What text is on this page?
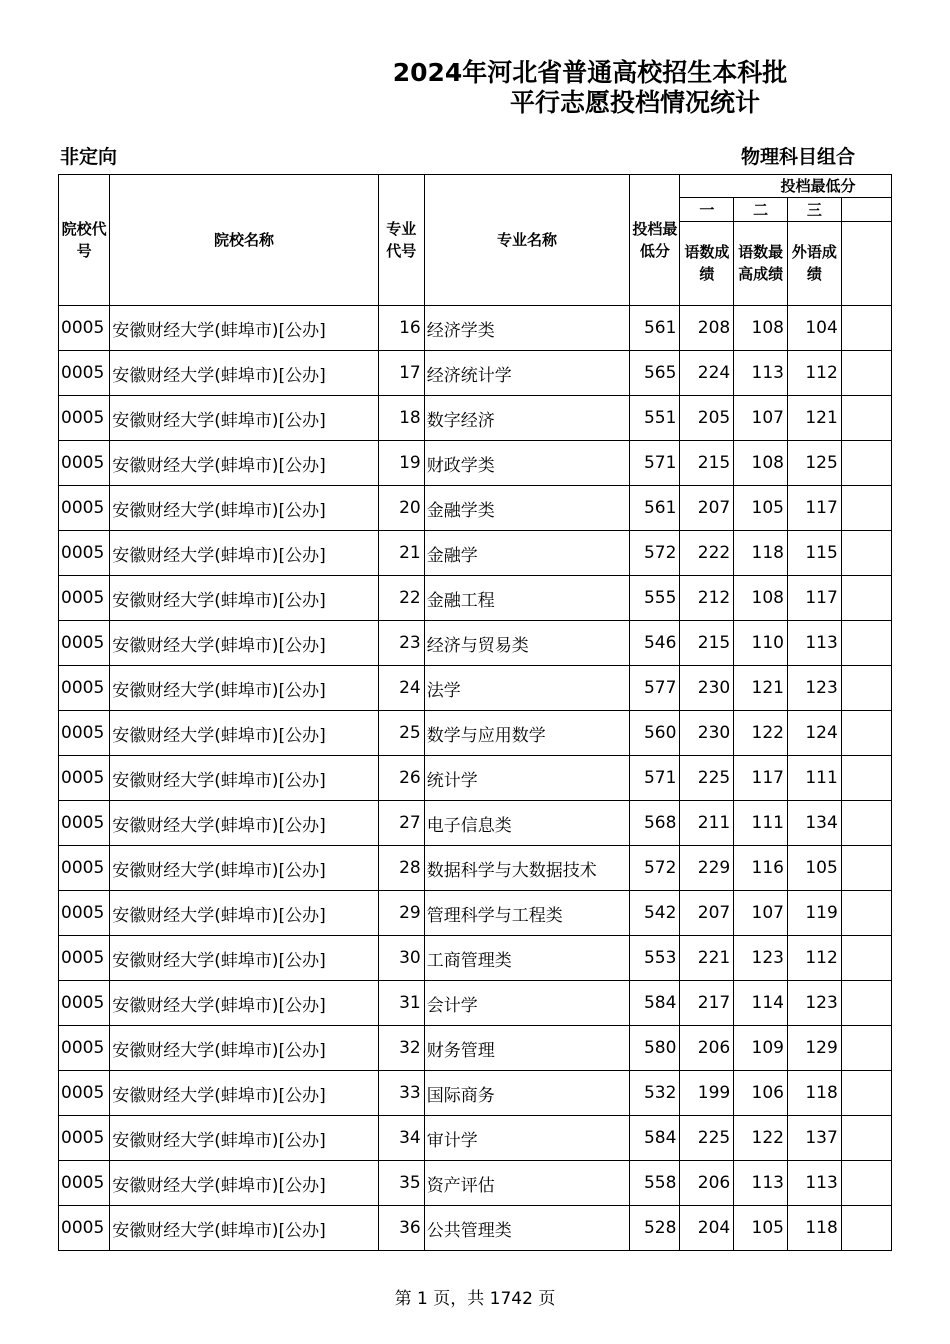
2024年河北省普通高校招生本科批
平行志愿投档情况统计
非定向	物理科目组合
院校代号	院校名称	专业代号	专业名称	投档最低分	投档最低分			
					一	二	三	
					语数成绩	语数最高成绩	外语成绩	
0005	安徽财经大学(蚌埠市)[公办]	16	经济学类	561	208	108	104	
0005	安徽财经大学(蚌埠市)[公办]	17	经济统计学	565	224	113	112	
0005	安徽财经大学(蚌埠市)[公办]	18	数字经济	551	205	107	121	
0005	安徽财经大学(蚌埠市)[公办]	19	财政学类	571	215	108	125	
0005	安徽财经大学(蚌埠市)[公办]	20	金融学类	561	207	105	117	
0005	安徽财经大学(蚌埠市)[公办]	21	金融学	572	222	118	115	
0005	安徽财经大学(蚌埠市)[公办]	22	金融工程	555	212	108	117	
0005	安徽财经大学(蚌埠市)[公办]	23	经济与贸易类	546	215	110	113	
0005	安徽财经大学(蚌埠市)[公办]	24	法学	577	230	121	123	
0005	安徽财经大学(蚌埠市)[公办]	25	数学与应用数学	560	230	122	124	
0005	安徽财经大学(蚌埠市)[公办]	26	统计学	571	225	117	111	
0005	安徽财经大学(蚌埠市)[公办]	27	电子信息类	568	211	111	134	
0005	安徽财经大学(蚌埠市)[公办]	28	数据科学与大数据技术	572	229	116	105	
0005	安徽财经大学(蚌埠市)[公办]	29	管理科学与工程类	542	207	107	119	
0005	安徽财经大学(蚌埠市)[公办]	30	工商管理类	553	221	123	112	
0005	安徽财经大学(蚌埠市)[公办]	31	会计学	584	217	114	123	
0005	安徽财经大学(蚌埠市)[公办]	32	财务管理	580	206	109	129	
0005	安徽财经大学(蚌埠市)[公办]	33	国际商务	532	199	106	118	
0005	安徽财经大学(蚌埠市)[公办]	34	审计学	584	225	122	137	
0005	安徽财经大学(蚌埠市)[公办]	35	资产评估	558	206	113	113	
0005	安徽财经大学(蚌埠市)[公办]	36	公共管理类	528	204	105	118	
第 1 页，共 1742 页
